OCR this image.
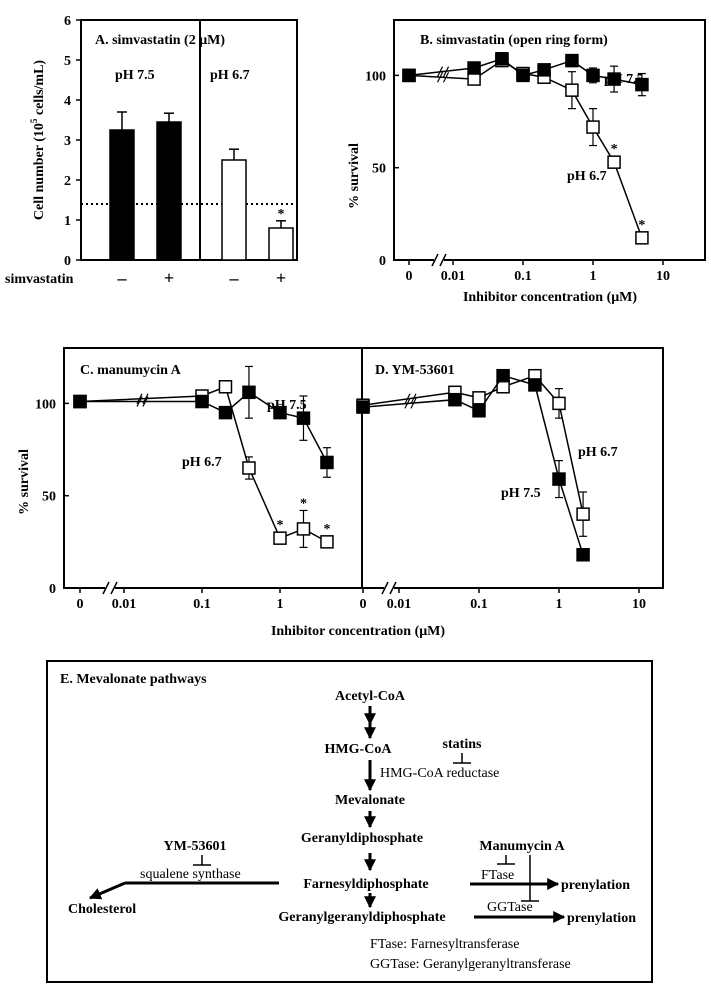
A. simvastatin (2 μM)
Cell number ($10^5$ cells/mL)
0
1
2
3
4
5
6
pH 7.5	pH 6.7
*
simvastatin – +	– +
B. simvastatin (open ring form)
% survival
Inhibitor concentration (μM)
0 0.01	0.1	1	10
0
50
100
*
*
pH 7.5
pH 6.7
C. manumycin A	D. YM-53601
% survival
Inhibitor concentration (μM)
0 0.01	0.1	1
0
50
100
*
*
*
pH 7.5
pH 6.7
0 0.01	0.1	1	10
pH 7.5
pH 6.7
E. Mevalonate pathways
Acetyl-CoA
HMG-CoA	statins
HMG-CoA reductase
Mevalonate
Geranyldiphosphate
YM-53601
squalene synthase
Cholesterol
Farnesyldiphosphate
Geranylgeranyldiphosphate
Manumycin A
FTase
prenylation
GGTase
prenylation
FTase: Farnesyltransferase
GGTase: Geranylgeranyltransferase
